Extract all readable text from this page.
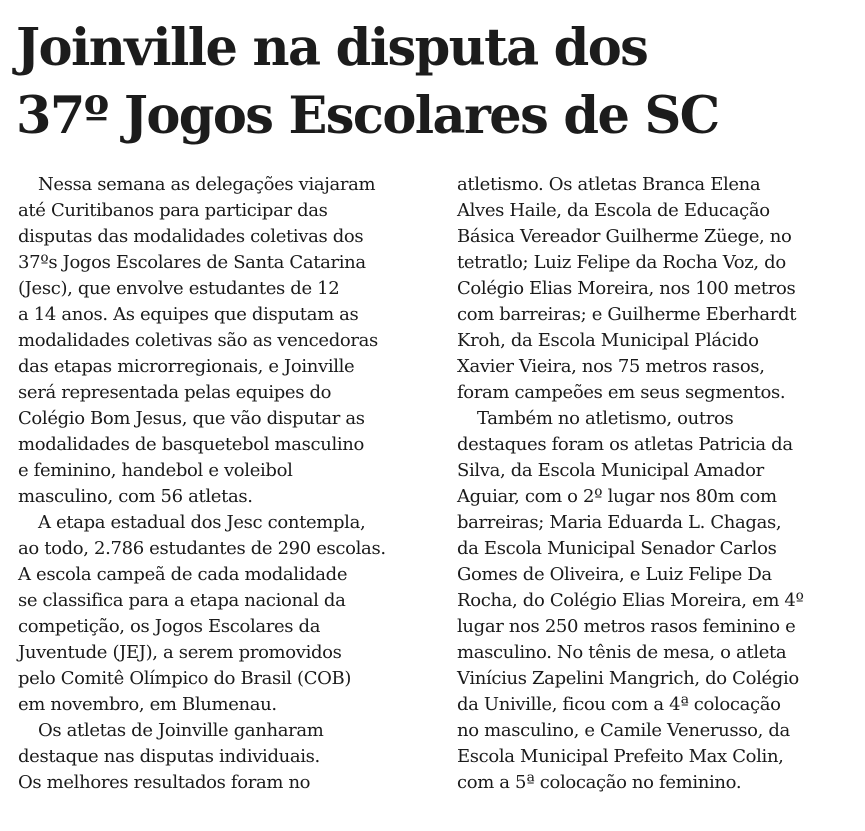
Joinville na disputa dos
37º Jogos Escolares de SC

Nessa semana as delegações viajaram
até Curitibanos para participar das
disputas das modalidades coletivas dos
37ºs Jogos Escolares de Santa Catarina
(Jesc), que envolve estudantes de 12
a 14 anos. As equipes que disputam as
modalidades coletivas são as vencedoras
das etapas microrregionais, e Joinville
será representada pelas equipes do
Colégio Bom Jesus, que vão disputar as
modalidades de basquetebol masculino
e feminino, handebol e voleibol
masculino, com 56 atletas.

A etapa estadual dos Jesc contempla,
ao todo, 2.786 estudantes de 290 escolas.
A escola campeã de cada modalidade
se classifica para a etapa nacional da
competição, os Jogos Escolares da
Juventude (JEJ), a serem promovidos
pelo Comitê Olímpico do Brasil (COB)
em novembro, em Blumenau.

Os atletas de Joinville ganharam
destaque nas disputas individuais.
Os melhores resultados foram no

atletismo. Os atletas Branca Elena
Alves Haile, da Escola de Educação
Básica Vereador Guilherme Züege, no
tetratlo; Luiz Felipe da Rocha Voz, do
Colégio Elias Moreira, nos 100 metros
com barreiras; e Guilherme Eberhardt
Kroh, da Escola Municipal Plácido
Xavier Vieira, nos 75 metros rasos,
foram campeões em seus segmentos.

Também no atletismo, outros
destaques foram os atletas Patricia da
Silva, da Escola Municipal Amador
Aguiar, com o 2º lugar nos 80m com
barreiras; Maria Eduarda L. Chagas,
da Escola Municipal Senador Carlos
Gomes de Oliveira, e Luiz Felipe Da
Rocha, do Colégio Elias Moreira, em 4º
lugar nos 250 metros rasos feminino e
masculino. No tênis de mesa, o atleta
Vinícius Zapelini Mangrich, do Colégio
da Univille, ficou com a 4ª colocação
no masculino, e Camile Venerusso, da
Escola Municipal Prefeito Max Colin,
com a 5ª colocação no feminino.
